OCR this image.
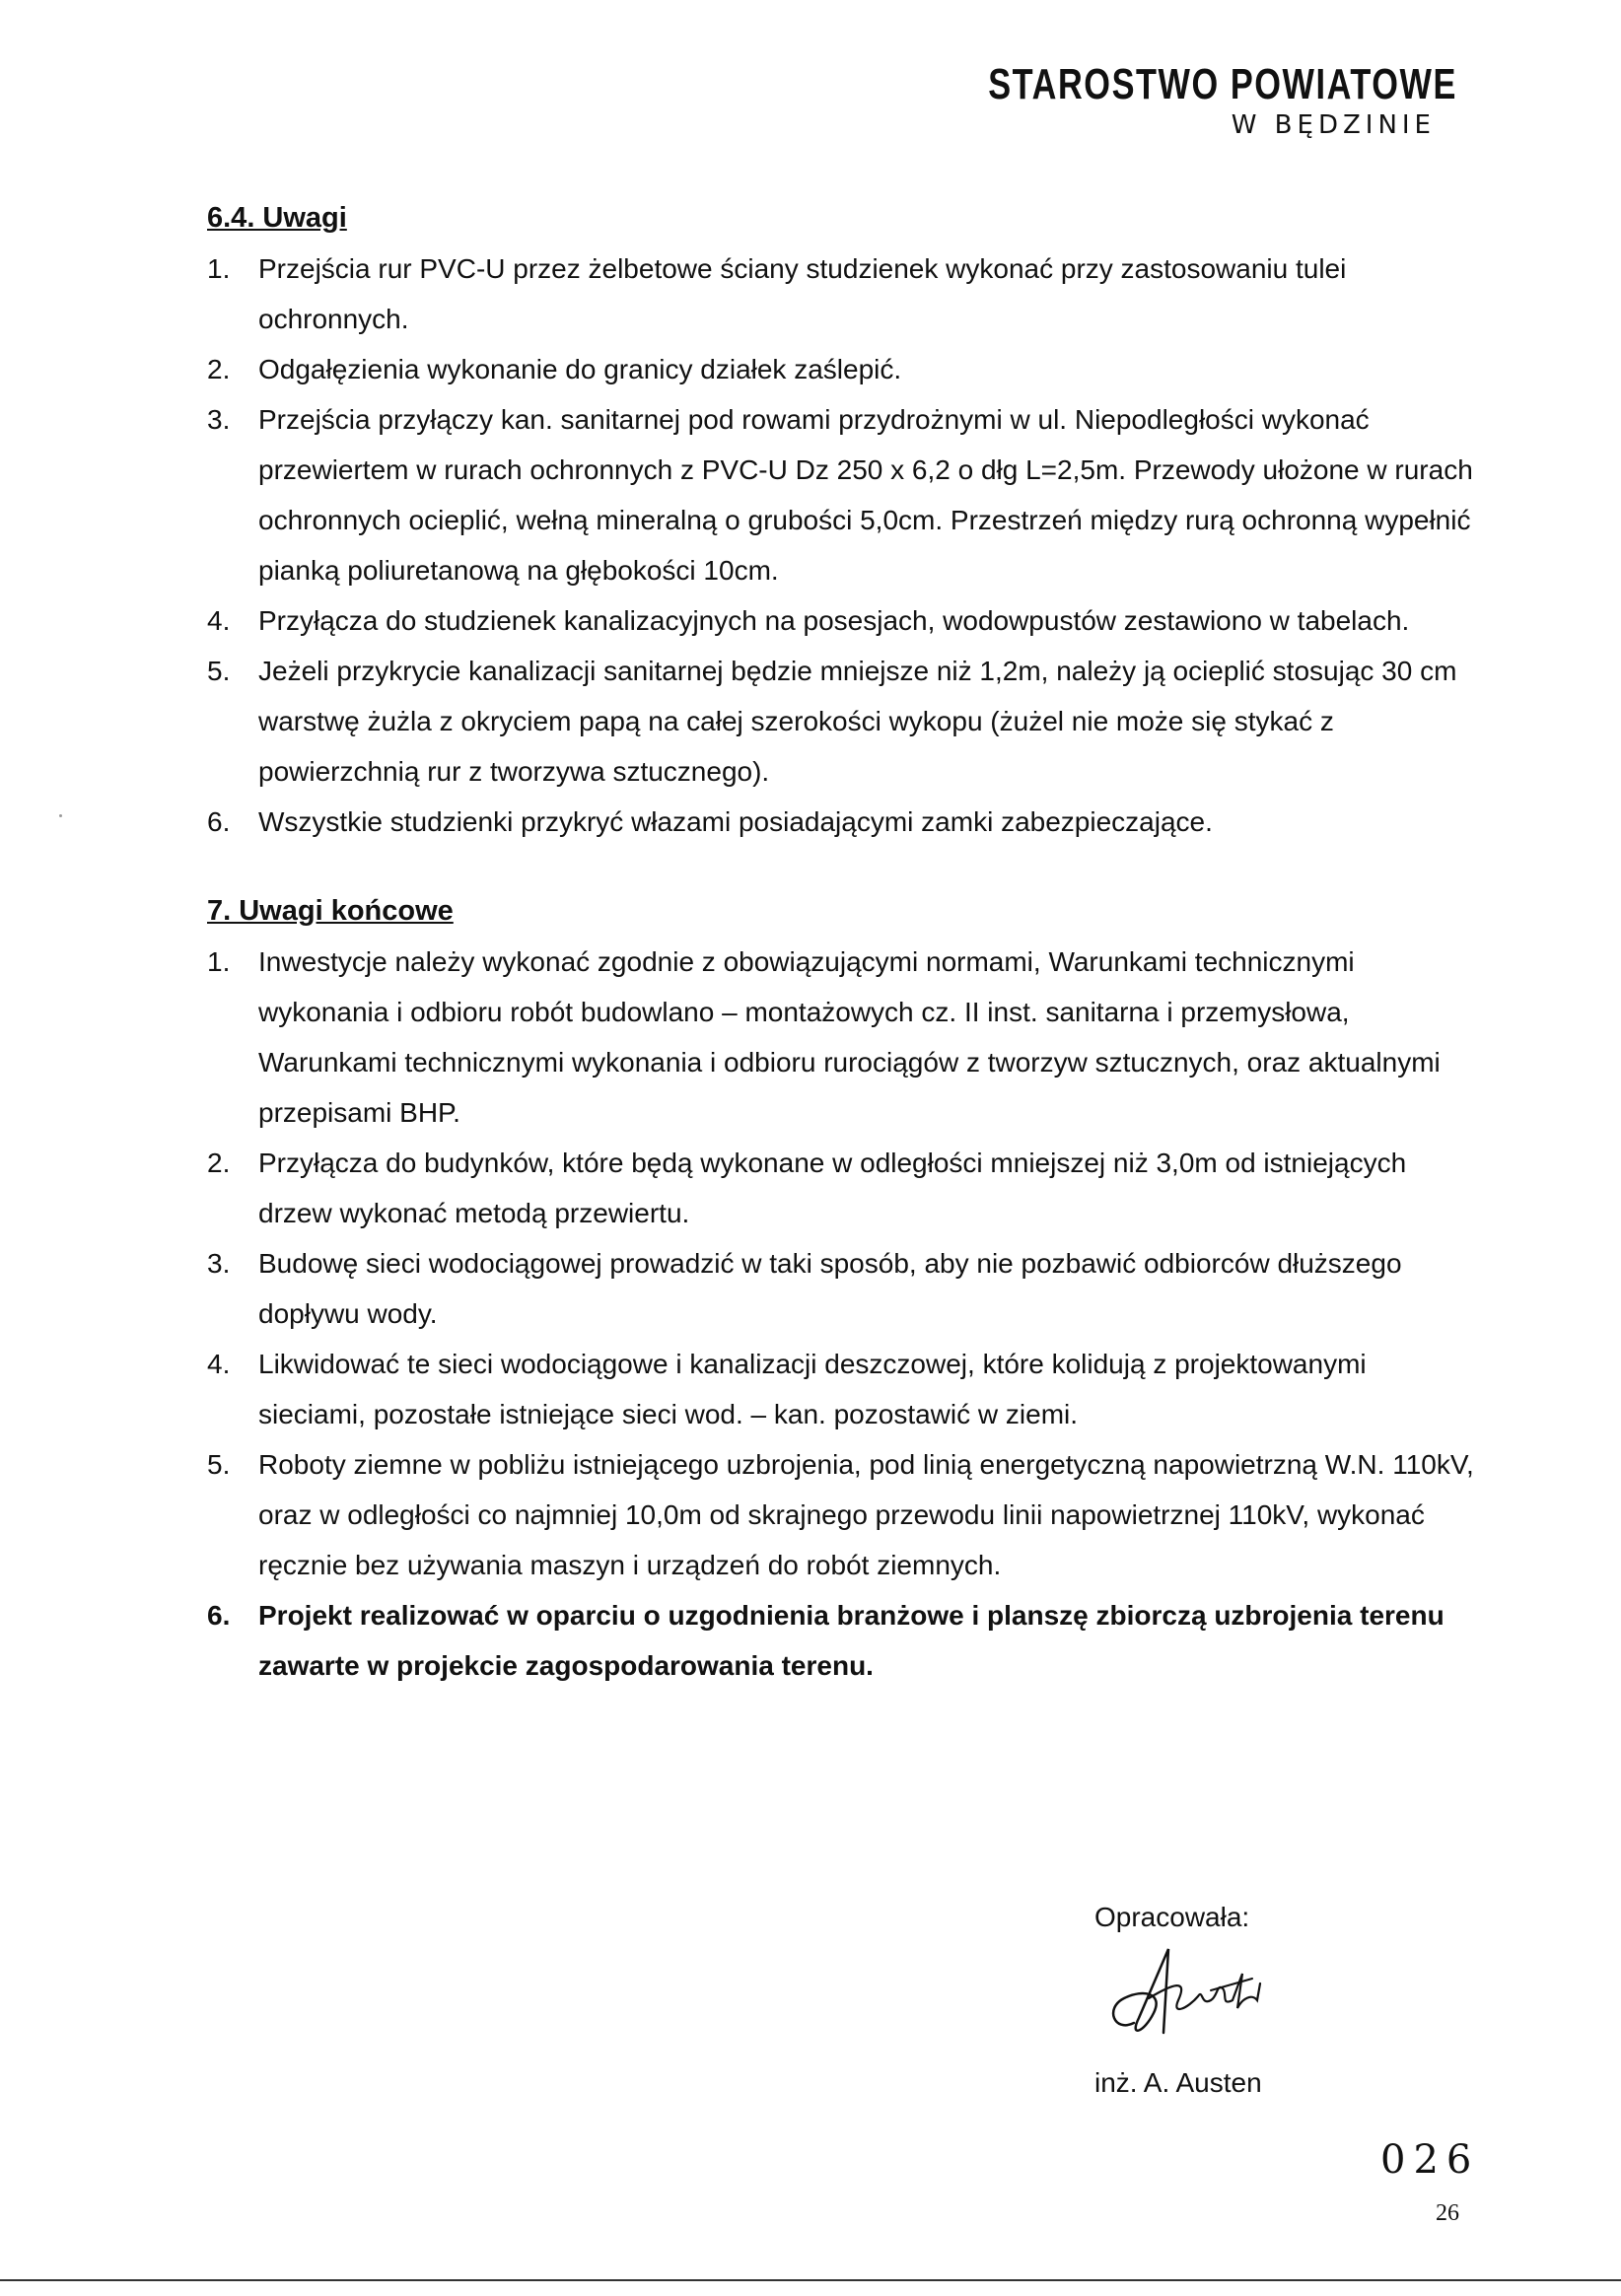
STAROSTWO POWIATOWE
W BĘDZINIE
6.4. Uwagi
1. Przejścia rur PVC-U przez żelbetowe ściany studzienek wykonać przy zastosowaniu tulei ochronnych.
2. Odgałęzienia wykonanie do granicy działek zaślepić.
3. Przejścia przyłączy kan. sanitarnej pod rowami przydrożnymi w ul. Niepodległości wykonać przewiertem w rurach ochronnych z PVC-U Dz 250 x 6,2 o dłg L=2,5m. Przewody ułożone w rurach ochronnych ocieplić, wełną mineralną o grubości 5,0cm. Przestrzeń między rurą ochronną wypełnić pianką poliuretanową na głębokości 10cm.
4. Przyłącza do studzienek kanalizacyjnych na posesjach, wodowpustów zestawiono w tabelach.
5. Jeżeli przykrycie kanalizacji sanitarnej będzie mniejsze niż 1,2m, należy ją ocieplić stosując 30 cm warstwę żużla z okryciem papą na całej szerokości wykopu (żużel nie może się stykać z powierzchnią rur z tworzywa sztucznego).
6. Wszystkie studzienki przykryć włazami posiadającymi zamki zabezpieczające.
7. Uwagi końcowe
1. Inwestycje należy wykonać zgodnie z obowiązującymi normami, Warunkami technicznymi wykonania i odbioru robót budowlano – montażowych cz. II inst. sanitarna i przemysłowa, Warunkami technicznymi wykonania i odbioru rurociągów z tworzyw sztucznych, oraz aktualnymi przepisami BHP.
2. Przyłącza do budynków, które będą wykonane w odległości mniejszej niż 3,0m od istniejących drzew wykonać metodą przewiertu.
3. Budowę sieci wodociągowej prowadzić w taki sposób, aby nie pozbawić odbiorców dłuższego dopływu wody.
4. Likwidować te sieci wodociągowe i kanalizacji deszczowej, które kolidują z projektowanymi sieciami, pozostałe istniejące sieci wod. – kan. pozostawić w ziemi.
5. Roboty ziemne w pobliżu istniejącego uzbrojenia, pod linią energetyczną napowietrzną W.N. 110kV, oraz w odległości co najmniej 10,0m od skrajnego przewodu linii napowietrznej 110kV, wykonać ręcznie bez używania maszyn i urządzeń do robót ziemnych.
6. Projekt realizować w oparciu o uzgodnienia branżowe i planszę zbiorczą uzbrojenia terenu zawarte w projekcie zagospodarowania terenu.
Opracowała:
inż. A. Austen
026
26
